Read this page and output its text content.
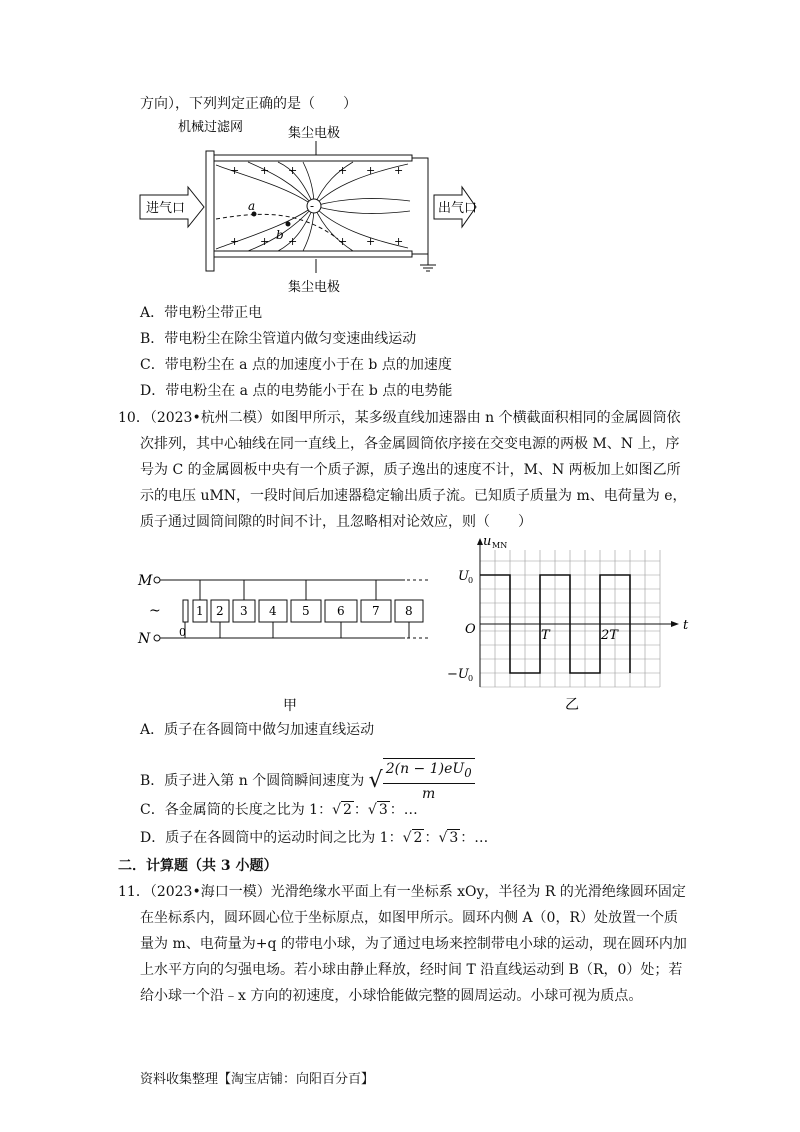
方向），下列判定正确的是（　　）
机械过滤网	集尘电极
a
b
-
+ + +	+ + +
+ + +	+ + +
进气口	出气口
集尘电极
A．带电粉尘带正电
B．带电粉尘在除尘管道内做匀变速曲线运动
C．带电粉尘在 a 点的加速度小于在 b 点的加速度
D．带电粉尘在 a 点的电势能小于在 b 点的电势能
10．（2023•杭州二模）如图甲所示，某多级直线加速器由 n 个横截面积相同的金属圆筒依
次排列，其中心轴线在同一直线上，各金属圆筒依序接在交变电源的两极 M、N 上，序
号为 C 的金属圆板中央有一个质子源，质子逸出的速度不计，M、N 两板加上如图乙所
示的电压 uMN，一段时间后加速器稳定输出质子流。已知质子质量为 m、电荷量为 e，
质子通过圆筒间隙的时间不计，且忽略相对论效应，则（　　）
M
N
~
0
1 2 3 4 5 6 7 8
甲
u MN
U 0
−U 0
O	T	2T
t
乙
A．质子在各圆筒中做匀加速直线运动
B．质子进入第 n 个圆筒瞬间速度为 √ $\frac{2(n - 1)eU_0}{m}$
C．各金属筒的长度之比为 1：√ 2 ：√ 3 ：…
D．质子在各圆筒中的运动时间之比为 1：√ 2 ：√ 3 ：…
二．计算题（共 3 小题）
11．（2023•海口一模）光滑绝缘水平面上有一坐标系 xOy，半径为 R 的光滑绝缘圆环固定
在坐标系内，圆环圆心位于坐标原点，如图甲所示。圆环内侧 A（0，R）处放置一个质
量为 m、电荷量为+q 的带电小球，为了通过电场来控制带电小球的运动，现在圆环内加
上水平方向的匀强电场。若小球由静止释放，经时间 T 沿直线运动到 B（R，0）处；若
给小球一个沿﹣x 方向的初速度，小球恰能做完整的圆周运动。小球可视为质点。
资料收集整理【淘宝店铺：向阳百分百】
